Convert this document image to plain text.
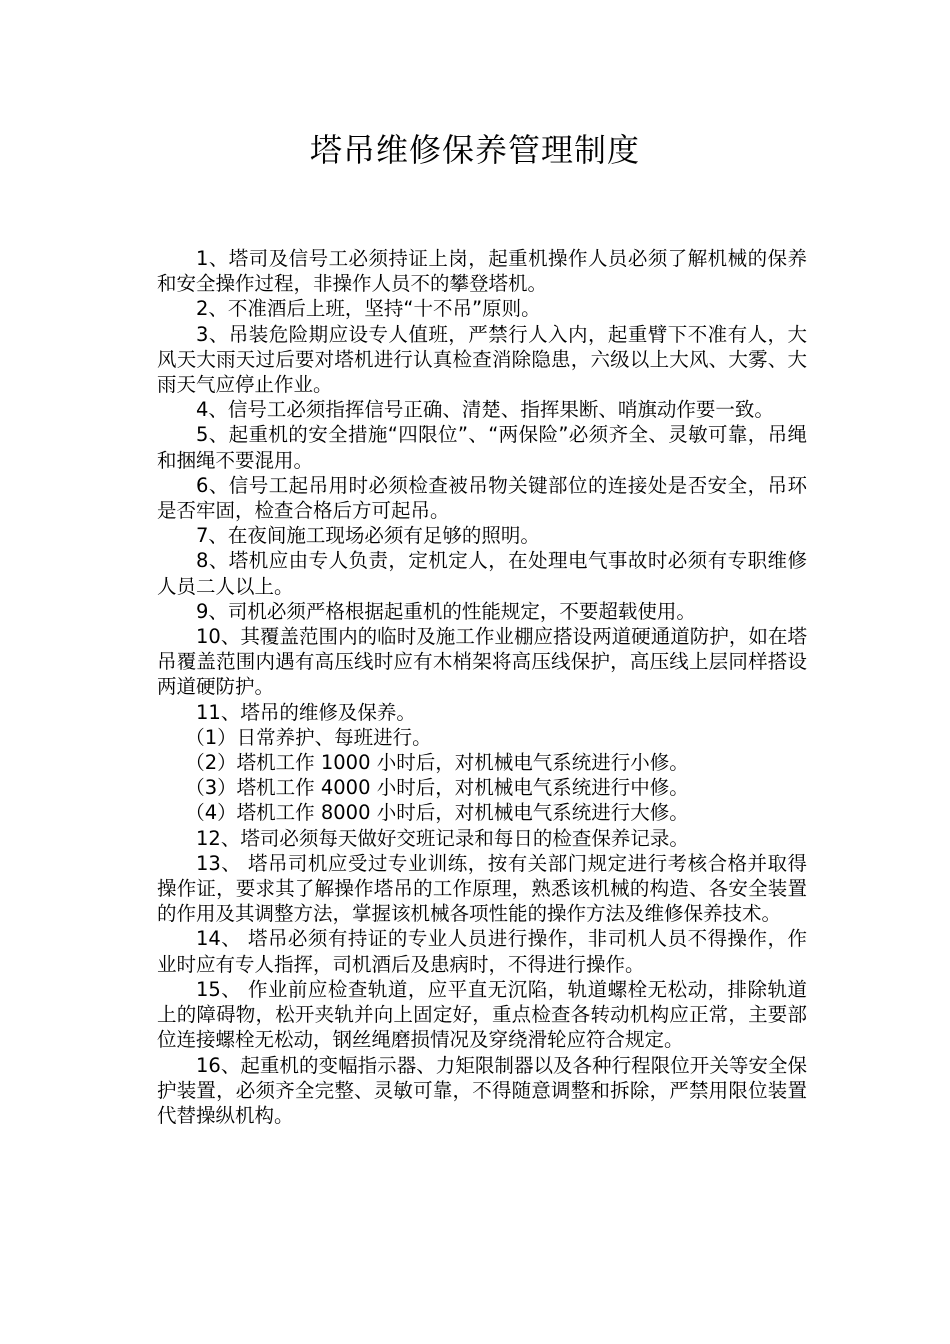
塔吊维修保养管理制度

1、塔司及信号工必须持证上岗，起重机操作人员必须了解机械的保养和安全操作过程，非操作人员不的攀登塔机。

2、不准酒后上班，坚持“十不吊”原则。

3、吊装危险期应设专人值班，严禁行人入内，起重臂下不准有人，大风天大雨天过后要对塔机进行认真检查消除隐患，六级以上大风、大雾、大雨天气应停止作业。

4、信号工必须指挥信号正确、清楚、指挥果断、哨旗动作要一致。

5、起重机的安全措施“四限位”、“两保险”必须齐全、灵敏可靠，吊绳和捆绳不要混用。

6、信号工起吊用时必须检查被吊物关键部位的连接处是否安全，吊环是否牢固，检查合格后方可起吊。

7、在夜间施工现场必须有足够的照明。

8、塔机应由专人负责，定机定人，在处理电气事故时必须有专职维修人员二人以上。

9、司机必须严格根据起重机的性能规定，不要超载使用。

10、其覆盖范围内的临时及施工作业棚应搭设两道硬通道防护，如在塔吊覆盖范围内遇有高压线时应有木梢架将高压线保护，高压线上层同样搭设两道硬防护。

11、塔吊的维修及保养。

（1）日常养护、每班进行。

（2）塔机工作 1000 小时后，对机械电气系统进行小修。

（3）塔机工作 4000 小时后，对机械电气系统进行中修。

（4）塔机工作 8000 小时后，对机械电气系统进行大修。

12、塔司必须每天做好交班记录和每日的检查保养记录。

13、 塔吊司机应受过专业训练，按有关部门规定进行考核合格并取得操作证，要求其了解操作塔吊的工作原理，熟悉该机械的构造、各安全装置的作用及其调整方法，掌握该机械各项性能的操作方法及维修保养技术。

14、 塔吊必须有持证的专业人员进行操作，非司机人员不得操作，作业时应有专人指挥，司机酒后及患病时，不得进行操作。

15、 作业前应检查轨道，应平直无沉陷，轨道螺栓无松动，排除轨道上的障碍物，松开夹轨并向上固定好，重点检查各转动机构应正常，主要部位连接螺栓无松动，钢丝绳磨损情况及穿绕滑轮应符合规定。

16、起重机的变幅指示器、力矩限制器以及各种行程限位开关等安全保护装置，必须齐全完整、灵敏可靠，不得随意调整和拆除，严禁用限位装置代替操纵机构。
